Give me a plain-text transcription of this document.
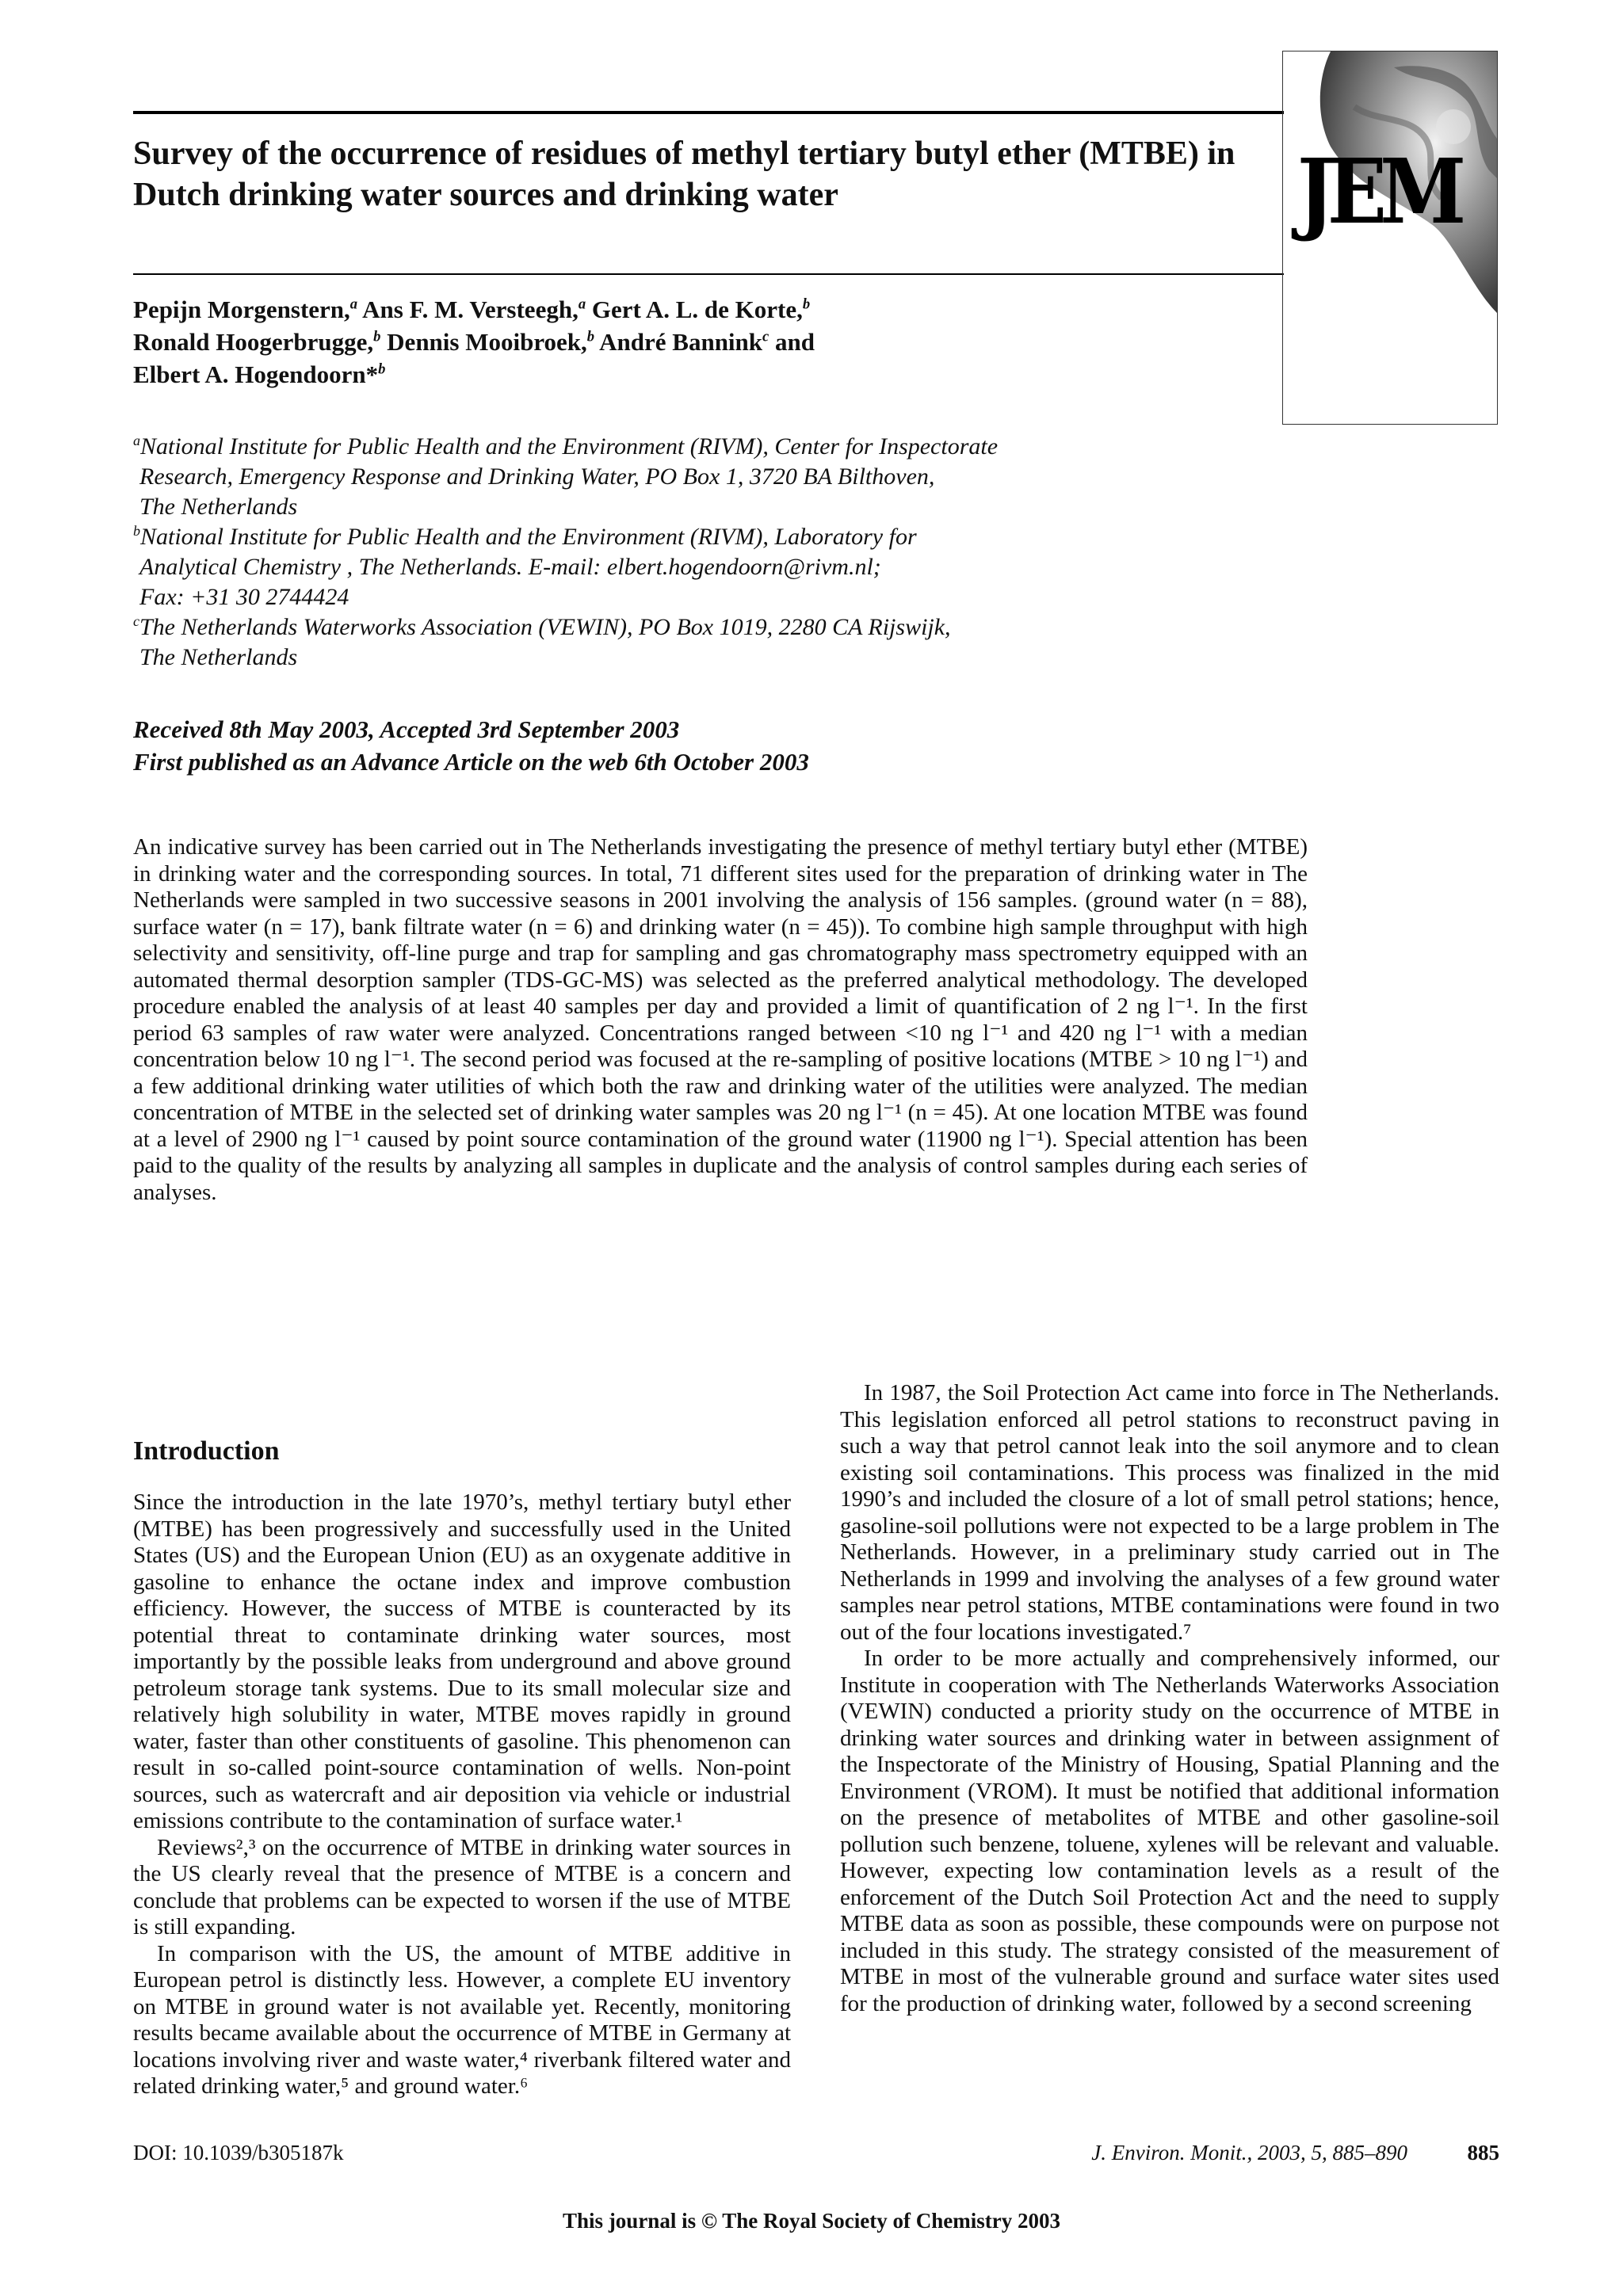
JEM
Survey of the occurrence of residues of methyl tertiary butyl ether (MTBE) in Dutch drinking water sources and drinking water
Pepijn Morgenstern,$^a$ Ans F. M. Versteegh,$^a$ Gert A. L. de Korte,$^b$
Ronald Hoogerbrugge,$^b$ Dennis Mooibroek,$^b$ André Bannink$^c$ and
Elbert A. Hogendoorn*$^b$
$^a$National Institute for Public Health and the Environment (RIVM), Center for Inspectorate
Research, Emergency Response and Drinking Water, PO Box 1, 3720 BA Bilthoven,
The Netherlands
$^b$National Institute for Public Health and the Environment (RIVM), Laboratory for
Analytical Chemistry , The Netherlands. E-mail: elbert.hogendoorn@rivm.nl;
Fax: +31 30 2744424
$^c$The Netherlands Waterworks Association (VEWIN), PO Box 1019, 2280 CA Rijswijk,
The Netherlands
Received 8th May 2003, Accepted 3rd September 2003
First published as an Advance Article on the web 6th October 2003
An indicative survey has been carried out in The Netherlands investigating the presence of methyl tertiary butyl ether (MTBE) in drinking water and the corresponding sources. In total, 71 different sites used for the preparation of drinking water in The Netherlands were sampled in two successive seasons in 2001 involving the analysis of 156 samples. (ground water (n = 88), surface water (n = 17), bank filtrate water (n = 6) and drinking water (n = 45)). To combine high sample throughput with high selectivity and sensitivity, off-line purge and trap for sampling and gas chromatography mass spectrometry equipped with an automated thermal desorption sampler (TDS-GC-MS) was selected as the preferred analytical methodology. The developed procedure enabled the analysis of at least 40 samples per day and provided a limit of quantification of 2 ng l⁻¹. In the first period 63 samples of raw water were analyzed. Concentrations ranged between <10 ng l⁻¹ and 420 ng l⁻¹ with a median concentration below 10 ng l⁻¹. The second period was focused at the re-sampling of positive locations (MTBE > 10 ng l⁻¹) and a few additional drinking water utilities of which both the raw and drinking water of the utilities were analyzed. The median concentration of MTBE in the selected set of drinking water samples was 20 ng l⁻¹ (n = 45). At one location MTBE was found at a level of 2900 ng l⁻¹ caused by point source contamination of the ground water (11900 ng l⁻¹). Special attention has been paid to the quality of the results by analyzing all samples in duplicate and the analysis of control samples during each series of analyses.
Introduction

Since the introduction in the late 1970’s, methyl tertiary butyl ether (MTBE) has been progressively and successfully used in the United States (US) and the European Union (EU) as an oxygenate additive in gasoline to enhance the octane index and improve combustion efficiency. However, the success of MTBE is counteracted by its potential threat to contaminate drinking water sources, most importantly by the possible leaks from underground and above ground petroleum storage tank systems. Due to its small molecular size and relatively high solubility in water, MTBE moves rapidly in ground water, faster than other constituents of gasoline. This phenomenon can result in so-called point-source contamination of wells. Non-point sources, such as watercraft and air deposition via vehicle or industrial emissions contribute to the contamination of surface water.¹

Reviews²,³ on the occurrence of MTBE in drinking water sources in the US clearly reveal that the presence of MTBE is a concern and conclude that problems can be expected to worsen if the use of MTBE is still expanding.

In comparison with the US, the amount of MTBE additive in European petrol is distinctly less. However, a complete EU inventory on MTBE in ground water is not available yet. Recently, monitoring results became available about the occurrence of MTBE in Germany at locations involving river and waste water,⁴ riverbank filtered water and related drinking water,⁵ and ground water.⁶

In 1987, the Soil Protection Act came into force in The Netherlands. This legislation enforced all petrol stations to reconstruct paving in such a way that petrol cannot leak into the soil anymore and to clean existing soil contaminations. This process was finalized in the mid 1990’s and included the closure of a lot of small petrol stations; hence, gasoline-soil pollutions were not expected to be a large problem in The Netherlands. However, in a preliminary study carried out in The Netherlands in 1999 and involving the analyses of a few ground water samples near petrol stations, MTBE contaminations were found in two out of the four locations investigated.⁷

In order to be more actually and comprehensively informed, our Institute in cooperation with The Netherlands Waterworks Association (VEWIN) conducted a priority study on the occurrence of MTBE in drinking water sources and drinking water in between assignment of the Inspectorate of the Ministry of Housing, Spatial Planning and the Environment (VROM). It must be notified that additional information on the presence of metabolites of MTBE and other gasoline-soil pollution such benzene, toluene, xylenes will be relevant and valuable. However, expecting low contamination levels as a result of the enforcement of the Dutch Soil Protection Act and the need to supply MTBE data as soon as possible, these compounds were on purpose not included in this study. The strategy consisted of the measurement of MTBE in most of the vulnerable ground and surface water sites used for the production of drinking water, followed by a second screening

DOI: 10.1039/b305187k	J. Environ. Monit., 2003, 5, 885–890	885
This journal is © The Royal Society of Chemistry 2003
